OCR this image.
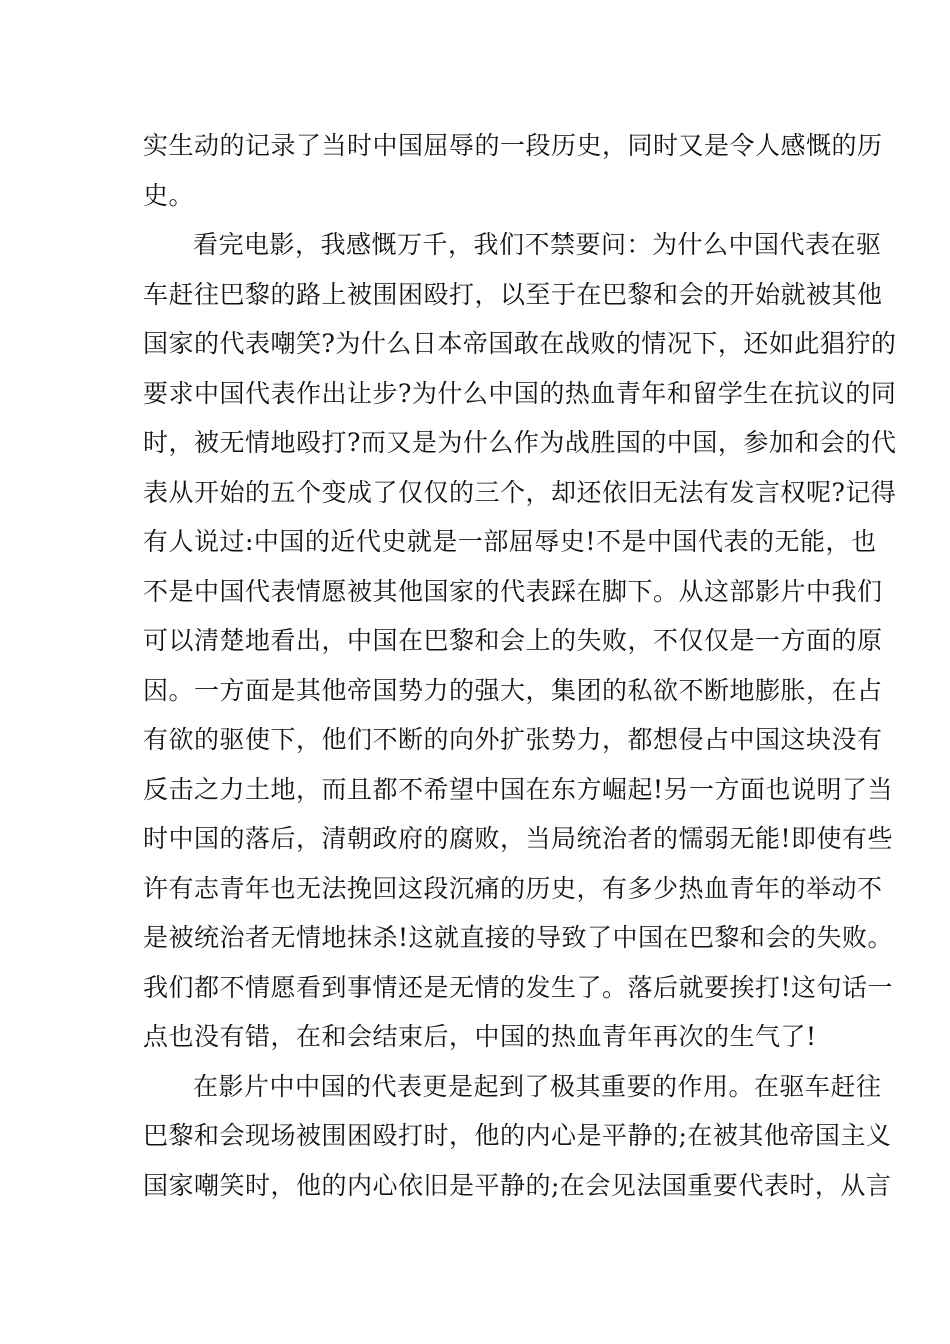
实生动的记录了当时中国屈辱的一段历史，同时又是令人感慨的历
史。
看完电影，我感慨万千，我们不禁要问：为什么中国代表在驱
车赶往巴黎的路上被围困殴打，以至于在巴黎和会的开始就被其他
国家的代表嘲笑?为什么日本帝国敢在战败的情况下，还如此猖狞的
要求中国代表作出让步?为什么中国的热血青年和留学生在抗议的同
时，被无情地殴打?而又是为什么作为战胜国的中国，参加和会的代
表从开始的五个变成了仅仅的三个，却还依旧无法有发言权呢?记得
有人说过:中国的近代史就是一部屈辱史!不是中国代表的无能，也
不是中国代表情愿被其他国家的代表踩在脚下。从这部影片中我们
可以清楚地看出，中国在巴黎和会上的失败，不仅仅是一方面的原
因。一方面是其他帝国势力的强大，集团的私欲不断地膨胀，在占
有欲的驱使下，他们不断的向外扩张势力，都想侵占中国这块没有
反击之力土地，而且都不希望中国在东方崛起!另一方面也说明了当
时中国的落后，清朝政府的腐败，当局统治者的懦弱无能!即使有些
许有志青年也无法挽回这段沉痛的历史，有多少热血青年的举动不
是被统治者无情地抹杀!这就直接的导致了中国在巴黎和会的失败。
我们都不情愿看到事情还是无情的发生了。落后就要挨打!这句话一
点也没有错，在和会结束后，中国的热血青年再次的生气了!
在影片中中国的代表更是起到了极其重要的作用。在驱车赶往
巴黎和会现场被围困殴打时，他的内心是平静的;在被其他帝国主义
国家嘲笑时，他的内心依旧是平静的;在会见法国重要代表时，从言
